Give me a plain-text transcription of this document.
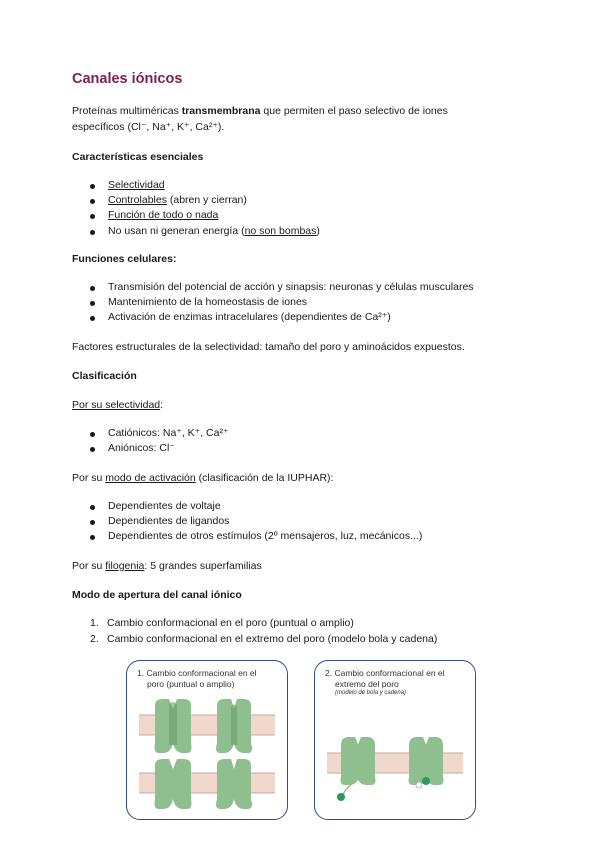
Canales iónicos

Proteínas multiméricas transmembrana que permiten el paso selectivo de iones

específicos (Cl⁻, Na⁺, K⁺, Ca²⁺).

Características esenciales

Selectividad
Controlables (abren y cierran)
Función de todo o nada
No usan ni generan energía (no son bombas)

Funciones celulares:

Transmisión del potencial de acción y sinapsis: neuronas y células musculares
Mantenimiento de la homeostasis de iones
Activación de enzimas intracelulares (dependientes de Ca²⁺)

Factores estructurales de la selectividad: tamaño del poro y aminoácidos expuestos.

Clasificación

Por su selectividad:

Catiónicos: Na⁺, K⁺, Ca²⁺
Aniónicos: Cl⁻

Por su modo de activación (clasificación de la IUPHAR):

Dependientes de voltaje
Dependientes de ligandos
Dependientes de otros estímulos (2º mensajeros, luz, mecánicos...)

Por su filogenia: 5 grandes superfamilias

Modo de apertura del canal iónico

1. Cambio conformacional en el poro (puntual o amplio)
2. Cambio conformacional en el extremo del poro (modelo bola y cadena)
1. Cambio conformacional en el
poro (puntual o amplio)
2. Cambio conformacional en el
extremo del poro
(modelo de bola y cadena)
